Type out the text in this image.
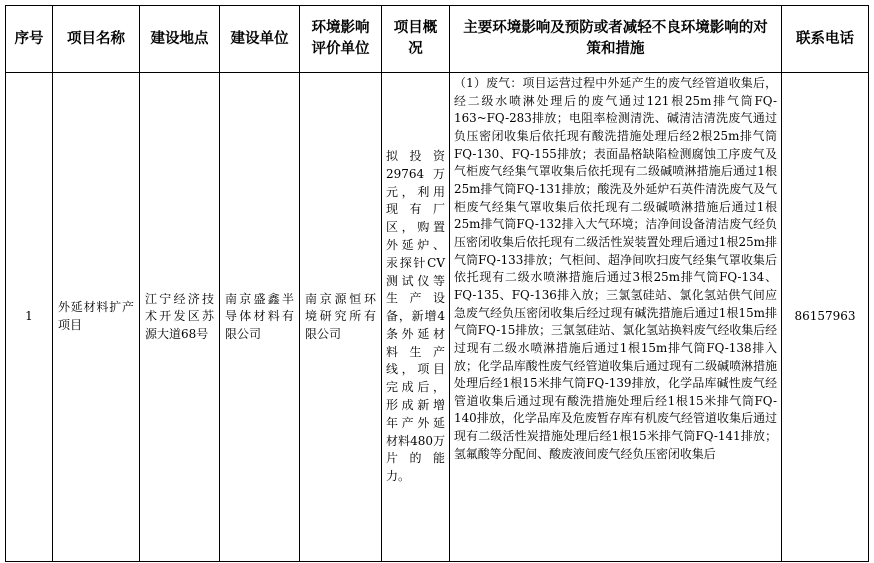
序号	项目名称	建设地点	建设单位	环境影响评价单位	项目概况	主要环境影响及预防或者减轻不良环境影响的对策和措施	联系电话
1	外延材料扩产项目	江宁经济技术开发区苏源大道68号	南京盛鑫半导体材料有限公司	南京源恒环境研究所有限公司	拟投资29764万元，利用现有厂区，购置外延炉、汞探针CV测试仪等生产设备，新增4条外延材料生产线，项目完成后，形成新增年产外延材料480万片的能力。	（1）废气：项目运营过程中外延产生的废气经管道收集后，经二级水喷淋处理后的废气通过121根25m排气筒FQ-163~FQ-283排放；电阻率检测清洗、碱清洁清洗废气通过负压密闭收集后依托现有酸洗措施处理后经2根25m排气筒FQ-130、FQ-155排放；表面晶格缺陷检测腐蚀工序废气及气柜废气经集气罩收集后依托现有二级碱喷淋措施后通过1根25m排气筒FQ-131排放；酸洗及外延炉石英件清洗废气及气柜废气经集气罩收集后依托现有二级碱喷淋措施后通过1根25m排气筒FQ-132排入大气环境；洁净间设备清洁废气经负压密闭收集后依托现有二级活性炭装置处理后通过1根25m排气筒FQ-133排放；气柜间、超净间吹扫废气经集气罩收集后依托现有二级水喷淋措施后通过3根25m排气筒FQ-134、FQ-135、FQ-136排入放；三氯氢硅站、氯化氢站供气间应急废气经负压密闭收集后经过现有碱洗措施后通过1根15m排气筒FQ-15排放；三氯氢硅站、氯化氢站换料废气经收集后经过现有二级水喷淋措施后通过1根15m排气筒FQ-138排入放；化学品库酸性废气经管道收集后通过现有二级碱喷淋措施处理后经1根15米排气筒FQ-139排放，化学品库碱性废气经管道收集后通过现有酸洗措施处理后经1根15米排气筒FQ-140排放，化学品库及危废暂存库有机废气经管道收集后通过现有二级活性炭措施处理后经1根15米排气筒FQ-141排放；氢氟酸等分配间、酸废液间废气经负压密闭收集后	86157963
